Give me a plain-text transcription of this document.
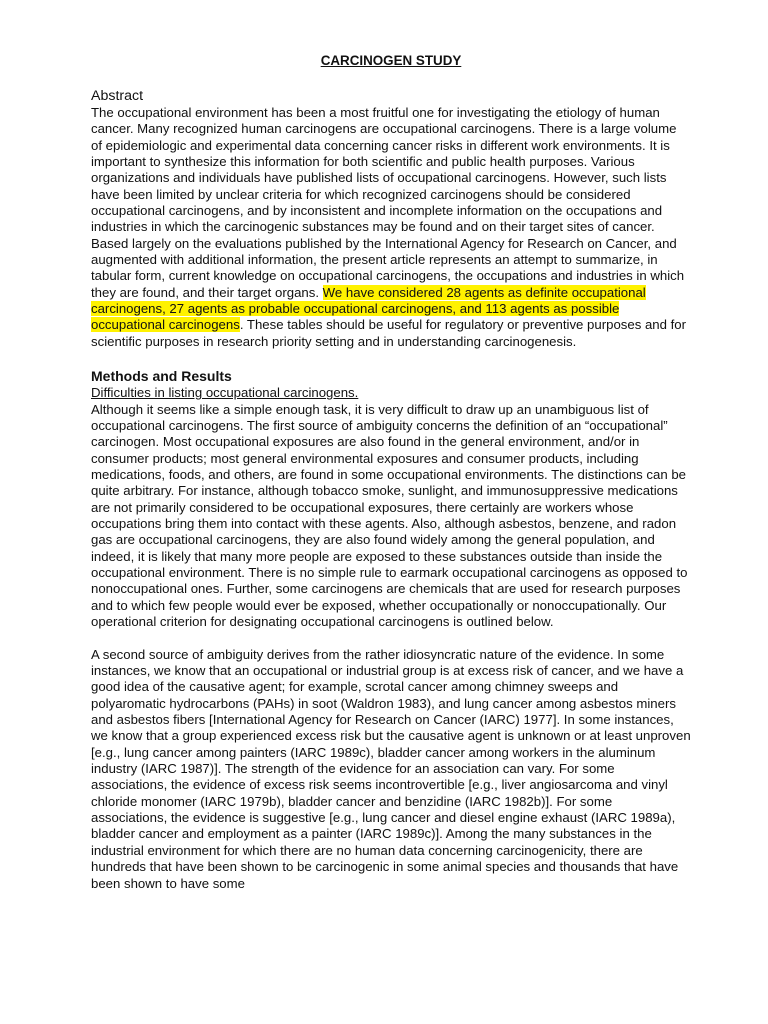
CARCINOGEN STUDY
Abstract

The occupational environment has been a most fruitful one for investigating the etiology of human cancer. Many recognized human carcinogens are occupational carcinogens. There is a large volume of epidemiologic and experimental data concerning cancer risks in different work environments. It is important to synthesize this information for both scientific and public health purposes. Various organizations and individuals have published lists of occupational carcinogens. However, such lists have been limited by unclear criteria for which recognized carcinogens should be considered occupational carcinogens, and by inconsistent and incomplete information on the occupations and industries in which the carcinogenic substances may be found and on their target sites of cancer. Based largely on the evaluations published by the International Agency for Research on Cancer, and augmented with additional information, the present article represents an attempt to summarize, in tabular form, current knowledge on occupational carcinogens, the occupations and industries in which they are found, and their target organs. We have considered 28 agents as definite occupational carcinogens, 27 agents as probable occupational carcinogens, and 113 agents as possible occupational carcinogens. These tables should be useful for regulatory or preventive purposes and for scientific purposes in research priority setting and in understanding carcinogenesis.

Methods and Results
Difficulties in listing occupational carcinogens.

Although it seems like a simple enough task, it is very difficult to draw up an unambiguous list of occupational carcinogens. The first source of ambiguity concerns the definition of an “occupational” carcinogen. Most occupational exposures are also found in the general environment, and/or in consumer products; most general environmental exposures and consumer products, including medications, foods, and others, are found in some occupational environments. The distinctions can be quite arbitrary. For instance, although tobacco smoke, sunlight, and immunosuppressive medications are not primarily considered to be occupational exposures, there certainly are workers whose occupations bring them into contact with these agents. Also, although asbestos, benzene, and radon gas are occupational carcinogens, they are also found widely among the general population, and indeed, it is likely that many more people are exposed to these substances outside than inside the occupational environment. There is no simple rule to earmark occupational carcinogens as opposed to nonoccupational ones. Further, some carcinogens are chemicals that are used for research purposes and to which few people would ever be exposed, whether occupationally or nonoccupationally. Our operational criterion for designating occupational carcinogens is outlined below.

A second source of ambiguity derives from the rather idiosyncratic nature of the evidence. In some instances, we know that an occupational or industrial group is at excess risk of cancer, and we have a good idea of the causative agent; for example, scrotal cancer among chimney sweeps and polyaromatic hydrocarbons (PAHs) in soot (Waldron 1983), and lung cancer among asbestos miners and asbestos fibers [International Agency for Research on Cancer (IARC) 1977]. In some instances, we know that a group experienced excess risk but the causative agent is unknown or at least unproven [e.g., lung cancer among painters (IARC 1989c), bladder cancer among workers in the aluminum industry (IARC 1987)]. The strength of the evidence for an association can vary. For some associations, the evidence of excess risk seems incontrovertible [e.g., liver angiosarcoma and vinyl chloride monomer (IARC 1979b), bladder cancer and benzidine (IARC 1982b)]. For some associations, the evidence is suggestive [e.g., lung cancer and diesel engine exhaust (IARC 1989a), bladder cancer and employment as a painter (IARC 1989c)]. Among the many substances in the industrial environment for which there are no human data concerning carcinogenicity, there are hundreds that have been shown to be carcinogenic in some animal species and thousands that have been shown to have some
